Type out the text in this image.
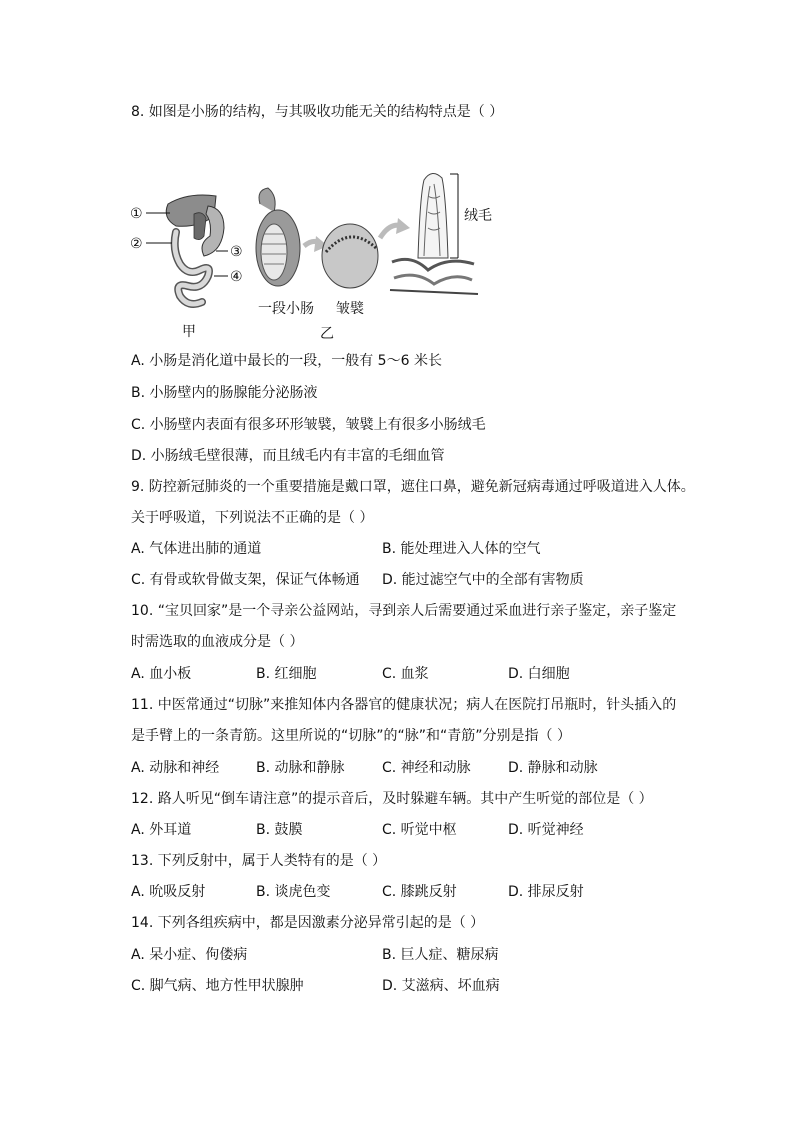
8. 如图是小肠的结构，与其吸收功能无关的结构特点是（ ）
①
②	③
④
甲
一段小肠 皱襞
乙
绒毛
A. 小肠是消化道中最长的一段，一般有 5～6 米长
B. 小肠壁内的肠腺能分泌肠液
C. 小肠壁内表面有很多环形皱襞，皱襞上有很多小肠绒毛
D. 小肠绒毛壁很薄，而且绒毛内有丰富的毛细血管
9. 防控新冠肺炎的一个重要措施是戴口罩，遮住口鼻，避免新冠病毒通过呼吸道进入人体。
关于呼吸道，下列说法不正确的是（ ）
A. 气体进出肺的通道	B. 能处理进入人体的空气
C. 有骨或软骨做支架，保证气体畅通 D. 能过滤空气中的全部有害物质
10. “宝贝回家”是一个寻亲公益网站，寻到亲人后需要通过采血进行亲子鉴定，亲子鉴定
时需选取的血液成分是（ ）
A. 血小板	B. 红细胞	C. 血浆	D. 白细胞
11. 中医常通过“切脉”来推知体内各器官的健康状况；病人在医院打吊瓶时，针头插入的
是手臂上的一条青筋。这里所说的“切脉”的“脉”和“青筋”分别是指（ ）
A. 动脉和神经	B. 动脉和静脉	C. 神经和动脉	D. 静脉和动脉
12. 路人听见“倒车请注意”的提示音后，及时躲避车辆。其中产生听觉的部位是（ ）
A. 外耳道	B. 鼓膜	C. 听觉中枢	D. 听觉神经
13. 下列反射中，属于人类特有的是（ ）
A. 吮吸反射	B. 谈虎色变	C. 膝跳反射	D. 排尿反射
14. 下列各组疾病中，都是因激素分泌异常引起的是（ ）
A. 呆小症、佝偻病	B. 巨人症、糖尿病
C. 脚气病、地方性甲状腺肿	D. 艾滋病、坏血病
